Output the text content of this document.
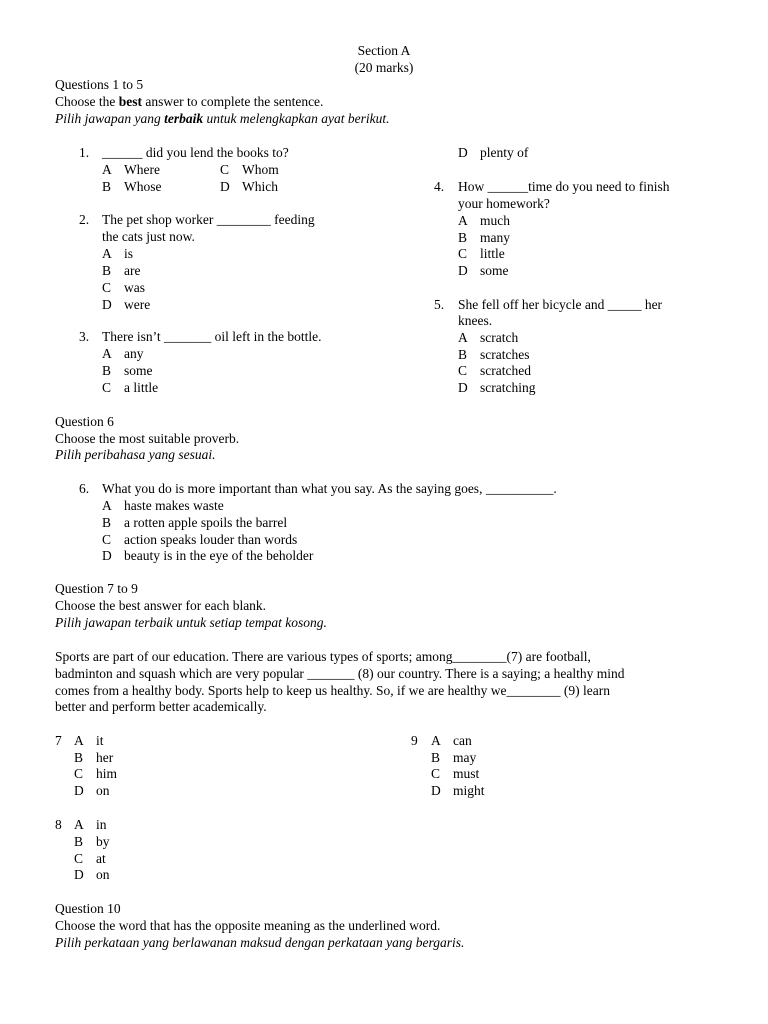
Section A
(20 marks)
Questions 1 to 5
Choose the best answer to complete the sentence.
Pilih jawapan yang terbaik untuk melengkapkan ayat berikut.
1. ______ did you lend the books to?
A Where	C Whom
B Whose	D Which
2. The pet shop worker ________ feeding
the cats just now.
A is
B are
C was
D were
3. There isn’t _______ oil left in the bottle.
A any
B some
C a little
D plenty of
4. How ______time do you need to finish
your homework?
A much
B many
C little
D some
5. She fell off her bicycle and _____ her
knees.
A scratch
B scratches
C scratched
D scratching
Question 6
Choose the most suitable proverb.
Pilih peribahasa yang sesuai.
6. What you do is more important than what you say. As the saying goes, __________.
A haste makes waste
B a rotten apple spoils the barrel
C action speaks louder than words
D beauty is in the eye of the beholder
Question 7 to 9
Choose the best answer for each blank.
Pilih jawapan terbaik untuk setiap tempat kosong.
Sports are part of our education. There are various types of sports; among________(7) are football,
badminton and squash which are very popular _______ (8) our country. There is a saying; a healthy mind
comes from a healthy body. Sports help to keep us healthy. So, if we are healthy we________ (9) learn
better and perform better academically.
7 A it
B her
C him
D on
9 A can
B may
C must
D might
8 A in
B by
C at
D on
Question 10
Choose the word that has the opposite meaning as the underlined word.
Pilih perkataan yang berlawanan maksud dengan perkataan yang bergaris.
